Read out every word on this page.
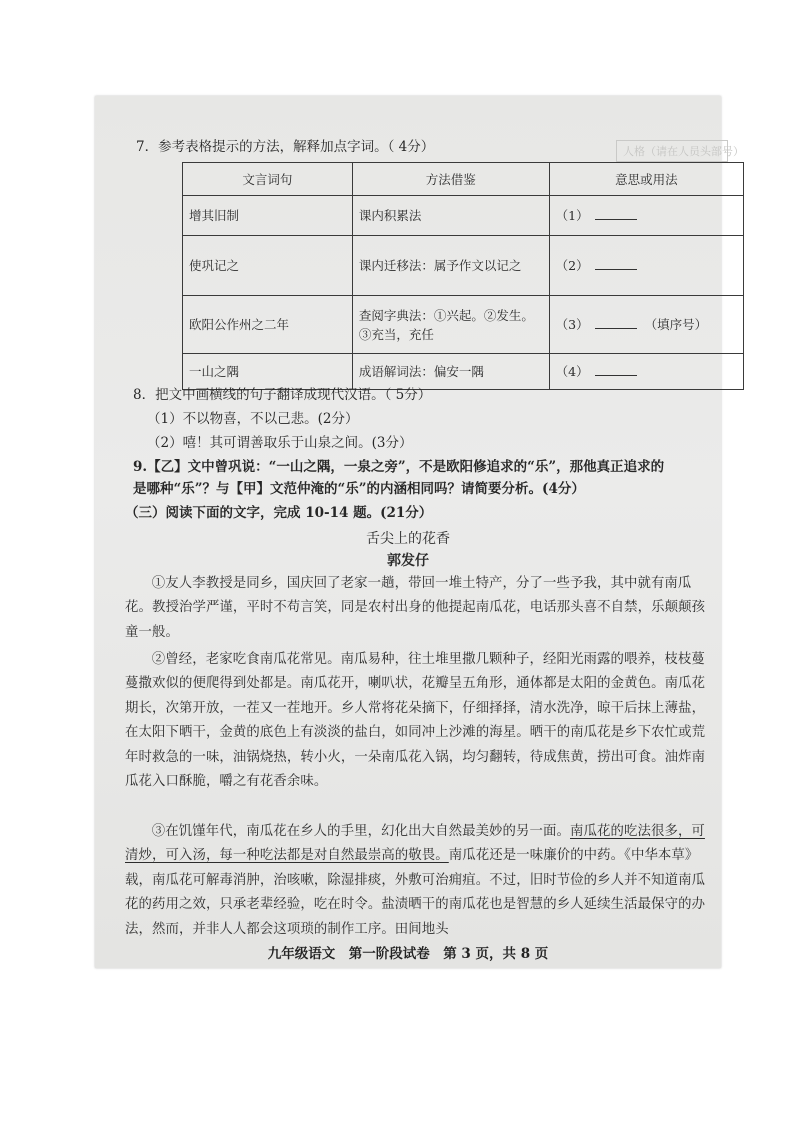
人格（请在人员头部号）
7．参考表格提示的方法，解释加点字词。（ 4分）
文言词句	方法借鉴	意思或用法
增其旧制	课内积累法	（1）
使巩记之	课内迁移法：属予作文以记之	（2）
欧阳公作州之二年	查阅字典法：①兴起。②发生。③充当，充任	（3） （填序号）
一山之隅	成语解词法：偏安一隅	（4）
8．把文中画横线的句子翻译成现代汉语。（ 5分）
（1）不以物喜，不以己悲。(2分）
（2）嘻！其可谓善取乐于山泉之间。(3分）
9.【乙】文中曾巩说：“一山之隅，一泉之旁”，不是欧阳修追求的“乐”，那他真正追求的
是哪种“乐”？与【甲】文范仲淹的“乐”的内涵相同吗？请简要分析。(4分）
（三）阅读下面的文字，完成 10-14 题。(21分）
舌尖上的花香
郭发仔
①友人李教授是同乡，国庆回了老家一趟，带回一堆土特产，分了一些予我，其中就有南瓜花。教授治学严谨，平时不苟言笑，同是农村出身的他提起南瓜花，电话那头喜不自禁，乐颠颠孩童一般。
②曾经，老家吃食南瓜花常见。南瓜易种，往土堆里撒几颗种子，经阳光雨露的喂养，枝枝蔓蔓撒欢似的便爬得到处都是。南瓜花开，喇叭状，花瓣呈五角形，通体都是太阳的金黄色。南瓜花期长，次第开放，一茬又一茬地开。乡人常将花朵摘下，仔细择择，清水洗净，晾干后抹上薄盐，在太阳下晒干，金黄的底色上有淡淡的盐白，如同冲上沙滩的海星。晒干的南瓜花是乡下农忙或荒年时救急的一味，油锅烧热，转小火，一朵南瓜花入锅，均匀翻转，待成焦黄，捞出可食。油炸南瓜花入口酥脆，嚼之有花香余味。
③在饥馑年代，南瓜花在乡人的手里，幻化出大自然最美妙的另一面。南瓜花的吃法很多，可清炒，可入汤，每一种吃法都是对自然最崇高的敬畏。南瓜花还是一味廉价的中药。《中华本草》载，南瓜花可解毒消肿，治咳嗽，除湿排痰，外敷可治痈疽。不过，旧时节俭的乡人并不知道南瓜花的药用之效，只承老辈经验，吃在时令。盐渍晒干的南瓜花也是智慧的乡人延续生活最保守的办法，然而，并非人人都会这项琐的制作工序。田间地头
九年级语文　第一阶段试卷　第 3 页，共 8 页
